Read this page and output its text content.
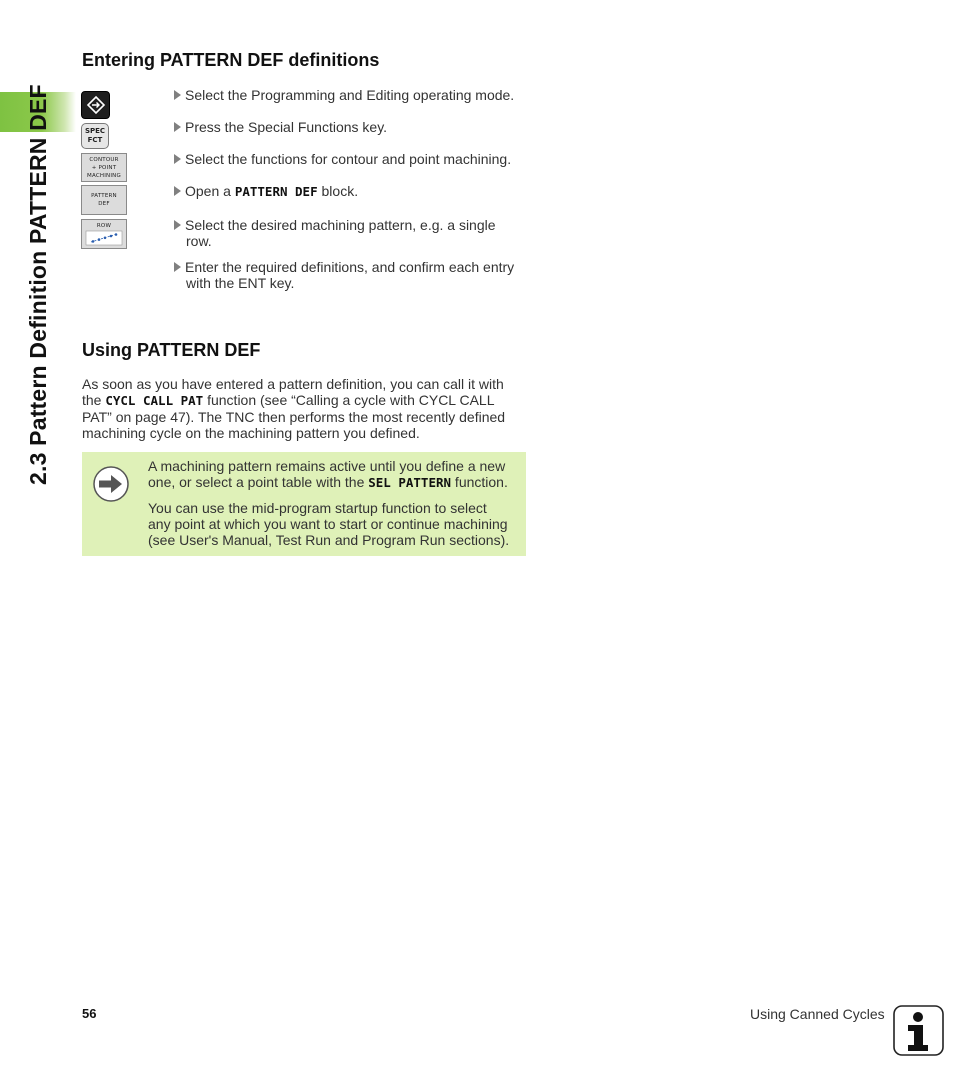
2.3 Pattern Definition PATTERN DEF
Entering PATTERN DEF definitions
SPEC
FCT
CONTOUR
+ POINT
MACHINING
PATTERN
DEF
ROW
Select the Programming and Editing operating mode.
Press the Special Functions key.
Select the functions for contour and point machining.
Open a PATTERN DEF block.
Select the desired machining pattern, e.g. a single
row.
Enter the required definitions, and confirm each entry
with the ENT key.
Using PATTERN DEF

As soon as you have entered a pattern definition, you can call it with
the CYCL CALL PAT function (see “Calling a cycle with CYCL CALL
PAT” on page 47). The TNC then performs the most recently defined
machining cycle on the machining pattern you defined.

A machining pattern remains active until you define a new
one, or select a point table with the SEL PATTERN function.

You can use the mid-program startup function to select
any point at which you want to start or continue machining
(see User's Manual, Test Run and Program Run sections).

56	Using Canned Cycles
